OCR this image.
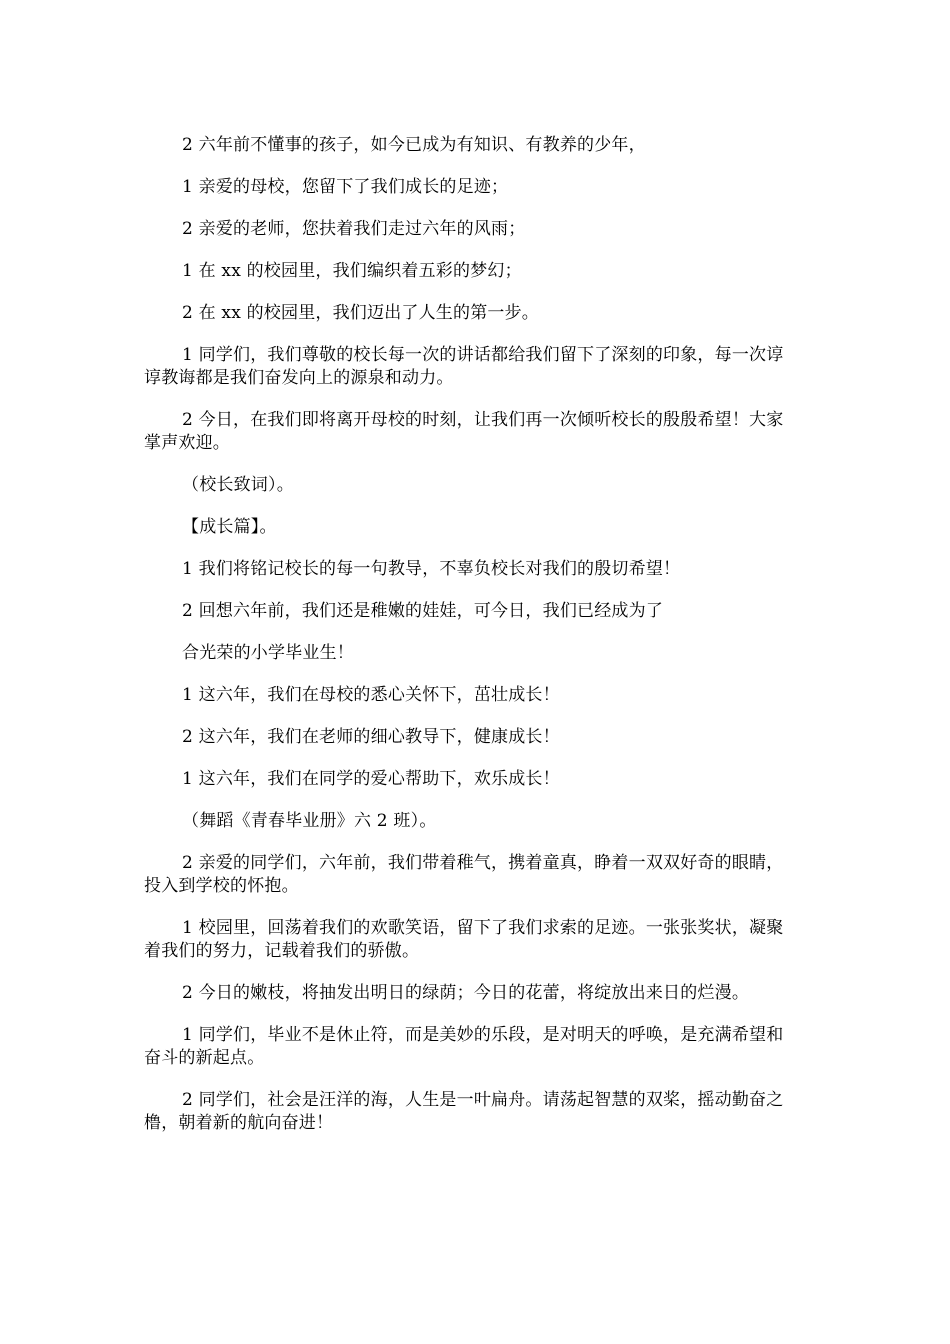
2 六年前不懂事的孩子，如今已成为有知识、有教养的少年，

1 亲爱的母校，您留下了我们成长的足迹；

2 亲爱的老师，您扶着我们走过六年的风雨；

1 在 xx 的校园里，我们编织着五彩的梦幻；

2 在 xx 的校园里，我们迈出了人生的第一步。

1 同学们，我们尊敬的校长每一次的讲话都给我们留下了深刻的印象，每一次谆谆教诲都是我们奋发向上的源泉和动力。

2 今日，在我们即将离开母校的时刻，让我们再一次倾听校长的殷殷希望！大家掌声欢迎。

（校长致词）。

【成长篇】。

1 我们将铭记校长的每一句教导，不辜负校长对我们的殷切希望！

2 回想六年前，我们还是稚嫩的娃娃，可今日，我们已经成为了

合光荣的小学毕业生！

1 这六年，我们在母校的悉心关怀下，茁壮成长！

2 这六年，我们在老师的细心教导下，健康成长！

1 这六年，我们在同学的爱心帮助下，欢乐成长！

（舞蹈《青春毕业册》六 2 班）。

2 亲爱的同学们，六年前，我们带着稚气，携着童真，睁着一双双好奇的眼睛，投入到学校的怀抱。

1 校园里，回荡着我们的欢歌笑语，留下了我们求索的足迹。一张张奖状，凝聚着我们的努力，记载着我们的骄傲。

2 今日的嫩枝，将抽发出明日的绿荫；今日的花蕾，将绽放出来日的烂漫。

1 同学们，毕业不是休止符，而是美妙的乐段，是对明天的呼唤，是充满希望和奋斗的新起点。

2 同学们，社会是汪洋的海，人生是一叶扁舟。请荡起智慧的双桨，摇动勤奋之橹，朝着新的航向奋进！
